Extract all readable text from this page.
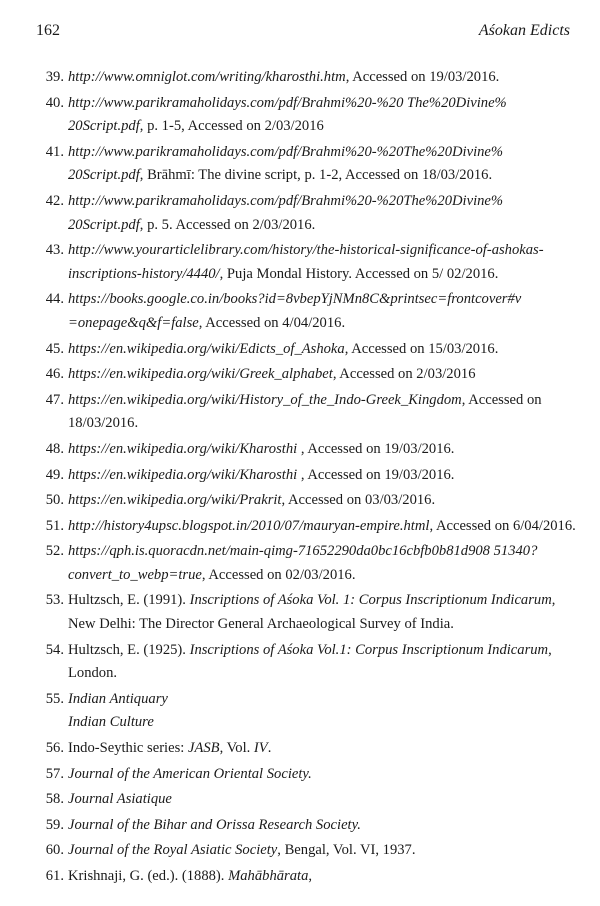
162	Aśokan Edicts
39. http://www.omniglot.com/writing/kharosthi.htm, Accessed on 19/03/2016.
40. http://www.parikramaholidays.com/pdf/Brahmi%20-%20 The%20Divine% 20Script.pdf, p. 1-5, Accessed on 2/03/2016
41. http://www.parikramaholidays.com/pdf/Brahmi%20-%20The%20Divine% 20Script.pdf, Brāhmī: The divine script, p. 1-2, Accessed on 18/03/2016.
42. http://www.parikramaholidays.com/pdf/Brahmi%20-%20The%20Divine% 20Script.pdf, p. 5. Accessed on 2/03/2016.
43. http://www.yourarticlelibrary.com/history/the-historical-significance-of-ashokas-inscriptions-history/4440/, Puja Mondal History. Accessed on 5/ 02/2016.
44. https://books.google.co.in/books?id=8vbepYjNMn8C&printsec=frontcover#v =onepage&q&f=false, Accessed on 4/04/2016.
45. https://en.wikipedia.org/wiki/Edicts_of_Ashoka, Accessed on 15/03/2016.
46. https://en.wikipedia.org/wiki/Greek_alphabet, Accessed on 2/03/2016
47. https://en.wikipedia.org/wiki/History_of_the_Indo-Greek_Kingdom, Accessed on 18/03/2016.
48. https://en.wikipedia.org/wiki/Kharosthi , Accessed on 19/03/2016.
49. https://en.wikipedia.org/wiki/Kharosthi , Accessed on 19/03/2016.
50. https://en.wikipedia.org/wiki/Prakrit, Accessed on 03/03/2016.
51. http://history4upsc.blogspot.in/2010/07/mauryan-empire.html, Accessed on 6/04/2016.
52. https://qph.is.quoracdn.net/main-qimg-71652290da0bc16cbfb0b81d908 51340? convert_to_webp=true, Accessed on 02/03/2016.
53. Hultzsch, E. (1991). Inscriptions of Aśoka Vol. 1: Corpus Inscriptionum Indicarum, New Delhi: The Director General Archaeological Survey of India.
54. Hultzsch, E. (1925). Inscriptions of Aśoka Vol.1: Corpus Inscriptionum Indicarum, London.
55. Indian Antiquary
Indian Culture
56. Indo-Seythic series: JASB, Vol. IV.
57. Journal of the American Oriental Society.
58. Journal Asiatique
59. Journal of the Bihar and Orissa Research Society.
60. Journal of the Royal Asiatic Society, Bengal, Vol. VI, 1937.
61. Krishnaji, G. (ed.). (1888). Mahābhārata,
